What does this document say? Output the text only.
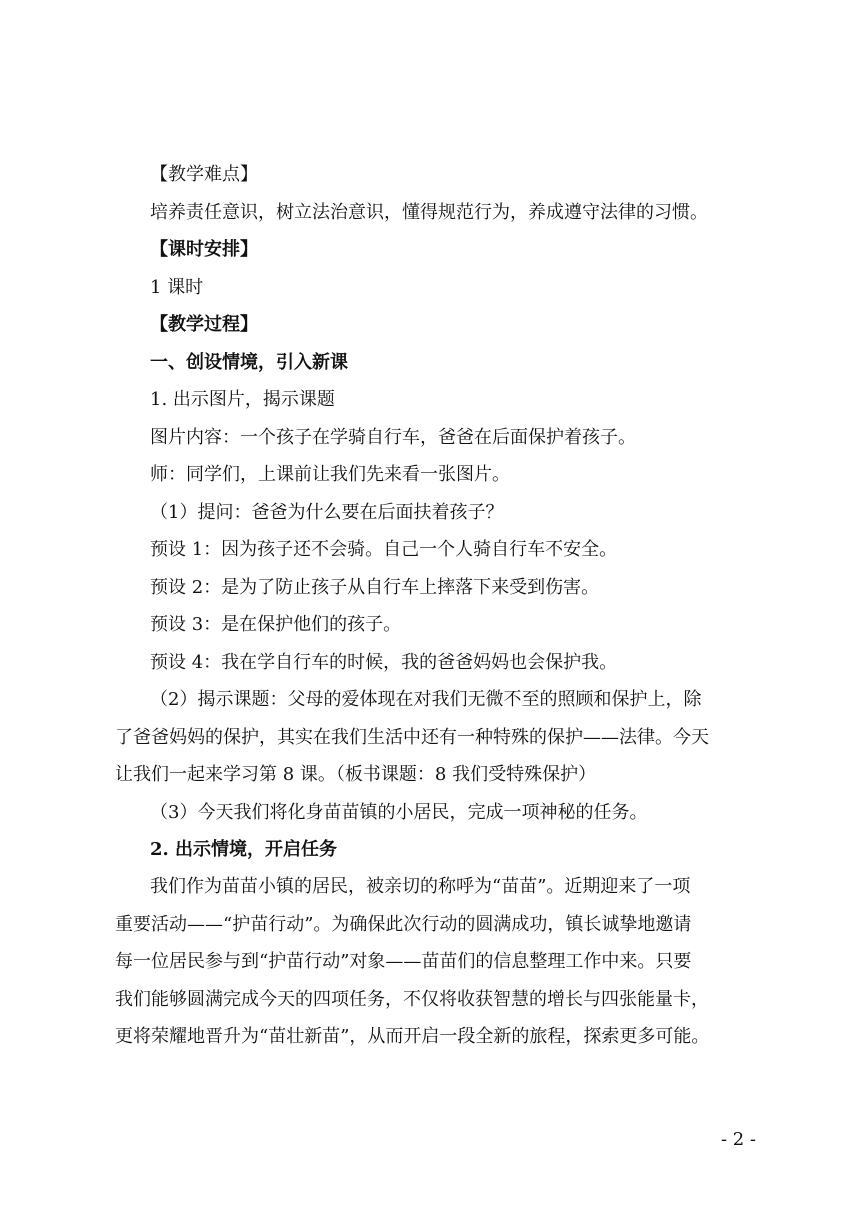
【教学难点】

培养责任意识，树立法治意识，懂得规范行为，养成遵守法律的习惯。

【课时安排】

1 课时

【教学过程】

一、创设情境，引入新课

1. 出示图片，揭示课题

图片内容：一个孩子在学骑自行车，爸爸在后面保护着孩子。

师：同学们，上课前让我们先来看一张图片。

（1）提问：爸爸为什么要在后面扶着孩子？

预设 1：因为孩子还不会骑。自己一个人骑自行车不安全。

预设 2：是为了防止孩子从自行车上摔落下来受到伤害。

预设 3：是在保护他们的孩子。

预设 4：我在学自行车的时候，我的爸爸妈妈也会保护我。

（2）揭示课题：父母的爱体现在对我们无微不至的照顾和保护上，除
了爸爸妈妈的保护，其实在我们生活中还有一种特殊的保护——法律。今天
让我们一起来学习第 8 课。（板书课题：8 我们受特殊保护）

（3）今天我们将化身苗苗镇的小居民，完成一项神秘的任务。

2. 出示情境，开启任务

我们作为苗苗小镇的居民，被亲切的称呼为“苗苗”。近期迎来了一项
重要活动——“护苗行动”。为确保此次行动的圆满成功，镇长诚挚地邀请
每一位居民参与到“护苗行动”对象——苗苗们的信息整理工作中来。只要
我们能够圆满完成今天的四项任务，不仅将收获智慧的增长与四张能量卡，
更将荣耀地晋升为“苗壮新苗”，从而开启一段全新的旅程，探索更多可能。
- 2 -
